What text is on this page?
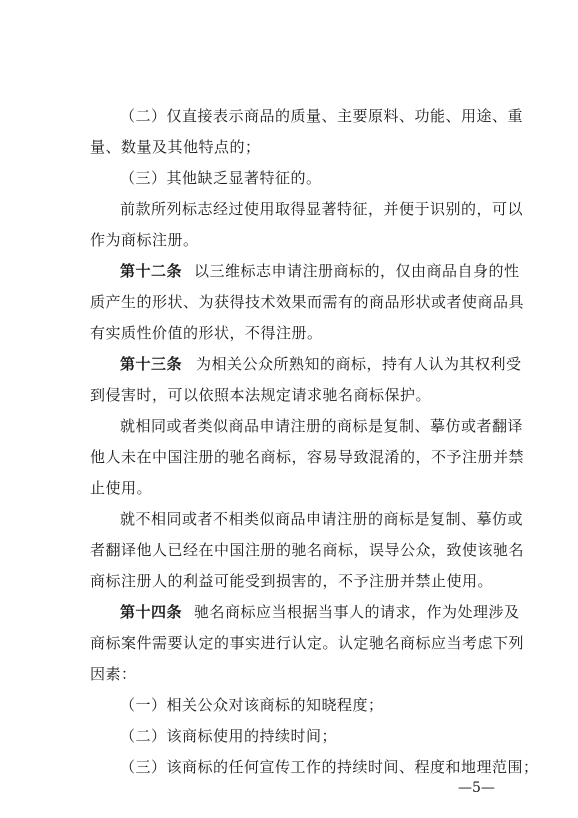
（二）仅直接表示商品的质量、主要原料、功能、用途、重
量、数量及其他特点的；
（三）其他缺乏显著特征的。
前款所列标志经过使用取得显著特征，并便于识别的，可以
作为商标注册。
第十二条 以三维标志申请注册商标的，仅由商品自身的性
质产生的形状、为获得技术效果而需有的商品形状或者使商品具
有实质性价值的形状，不得注册。
第十三条 为相关公众所熟知的商标，持有人认为其权利受
到侵害时，可以依照本法规定请求驰名商标保护。
就相同或者类似商品申请注册的商标是复制、摹仿或者翻译
他人未在中国注册的驰名商标，容易导致混淆的，不予注册并禁
止使用。
就不相同或者不相类似商品申请注册的商标是复制、摹仿或
者翻译他人已经在中国注册的驰名商标，误导公众，致使该驰名
商标注册人的利益可能受到损害的，不予注册并禁止使用。
第十四条 驰名商标应当根据当事人的请求，作为处理涉及
商标案件需要认定的事实进行认定。认定驰名商标应当考虑下列
因素：
（一）相关公众对该商标的知晓程度；
（二）该商标使用的持续时间；
（三）该商标的任何宣传工作的持续时间、程度和地理范围；
—5—
